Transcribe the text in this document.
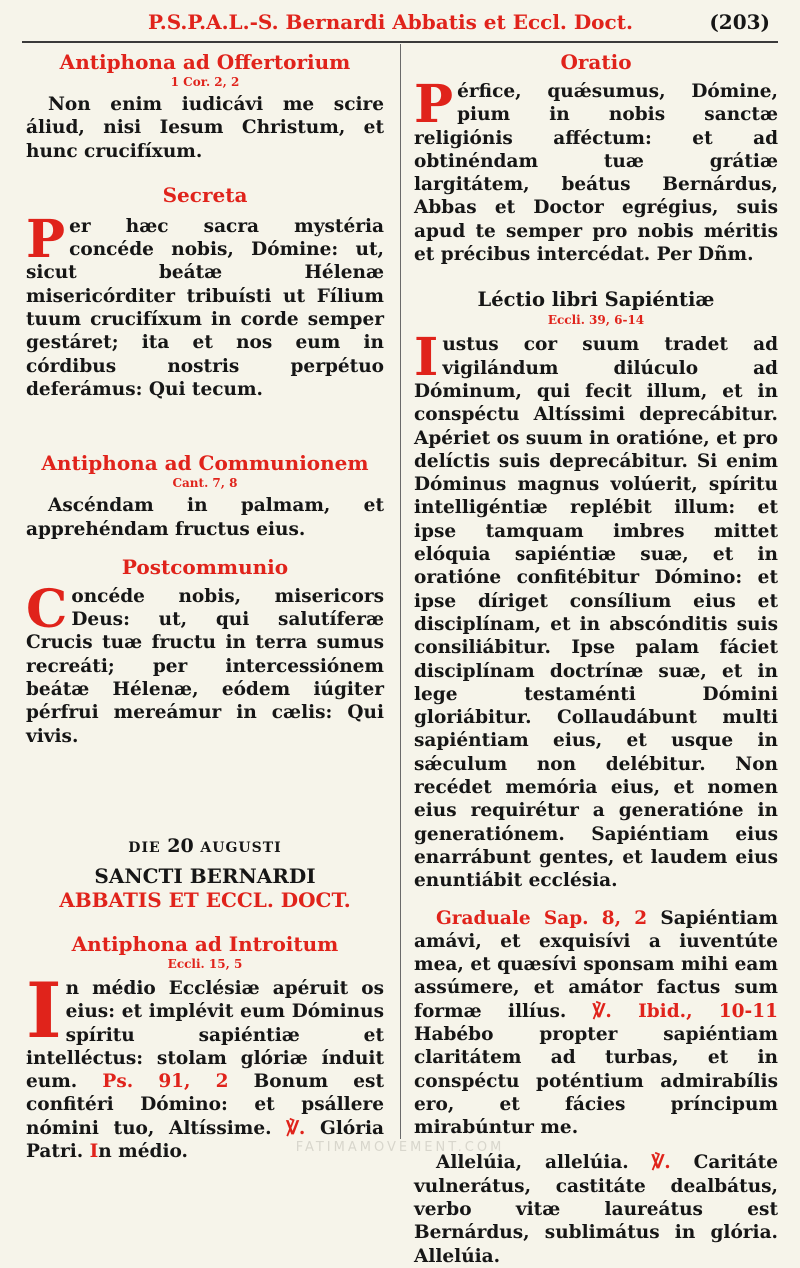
P.S.P.A.L.-S. Bernardi Abbatis et Eccl. Doct.	(203)
Antiphona ad Offertorium
1 Cor. 2, 2
Non enim iudicávi me scire áliud, nisi Iesum Christum, et hunc crucifíxum.
Secreta
Per hæc sacra mystéria concéde nobis, Dómine: ut, sicut beátæ Hélenæ misericórditer tribuísti ut Fílium tuum crucifíxum in corde semper gestáret; ita et nos eum in córdibus nostris perpétuo deferámus: Qui tecum.
Antiphona ad Communionem
Cant. 7, 8
Ascéndam in palmam, et apprehéndam fructus eius.
Postcommunio
Concéde nobis, misericors Deus: ut, qui salutíferæ Crucis tuæ fructu in terra sumus recreáti; per intercessiónem beátæ Hélenæ, eódem iúgiter pérfrui mereámur in cælis: Qui vivis.
DIE 20 AUGUSTI
SANCTI BERNARDI
ABBATIS ET ECCL. DOCT.
Antiphona ad Introitum
Eccli. 15, 5
In médio Ecclésiæ apéruit os eius: et implévit eum Dóminus spíritu sapiéntiæ et intelléctus: stolam glóriæ índuit eum. Ps. 91, 2 Bonum est confitéri Dómino: et psállere nómini tuo, Altíssime. ℣. Glória Patri. In médio.
Oratio
Pérfice, quǽsumus, Dómine, pium in nobis sanctæ religiónis afféctum: et ad obtinéndam tuæ grátiæ largitátem, beátus Bernárdus, Abbas et Doctor egrégius, suis apud te semper pro nobis méritis et précibus intercédat. Per Dñm.
Léctio libri Sapiéntiæ
Eccli. 39, 6-14
Iustus cor suum tradet ad vigilándum dilúculo ad Dóminum, qui fecit illum, et in conspéctu Altíssimi deprecábitur. Apériet os suum in oratióne, et pro delíctis suis deprecábitur. Si enim Dóminus magnus volúerit, spíritu intelligéntiæ replébit illum: et ipse tamquam imbres mittet elóquia sapiéntiæ suæ, et in oratióne confitébitur Dómino: et ipse díriget consílium eius et disciplínam, et in abscónditis suis consiliábitur. Ipse palam fáciet disciplínam doctrínæ suæ, et in lege testaménti Dómini gloriábitur. Collaudábunt multi sapiéntiam eius, et usque in sǽculum non delébitur. Non recédet memória eius, et nomen eius requirétur a generatióne in generatiónem. Sapiéntiam eius enarrábunt gentes, et laudem eius enuntiábit ecclésia.
Graduale Sap. 8, 2 Sapiéntiam amávi, et exquisívi a iuventúte mea, et quæsívi sponsam mihi eam assúmere, et amátor factus sum formæ illíus. ℣. Ibid., 10-11 Habébo propter sapiéntiam claritátem ad turbas, et in conspéctu poténtium admirabílis ero, et fácies príncipum mirabúntur me.
Allelúia, allelúia. ℣. Caritáte vulnerátus, castitáte dealbátus, verbo vitæ laureátus est Bernárdus, sublimátus in glória. Allelúia.
FATIMAMOVEMENT.COM
